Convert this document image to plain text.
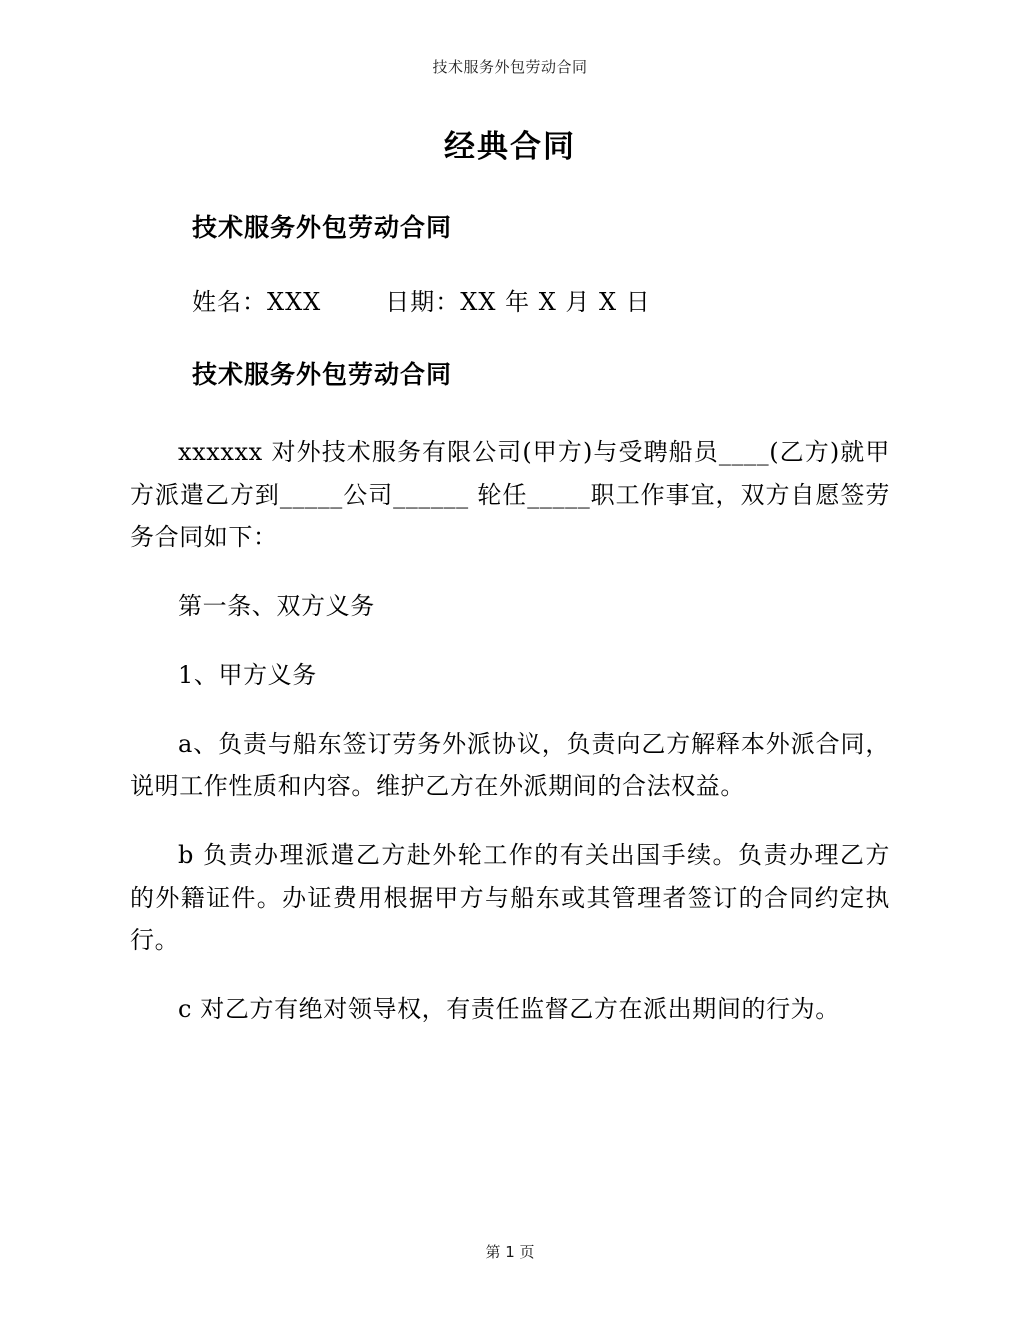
技术服务外包劳动合同
经典合同
技术服务外包劳动合同
姓名：XXX	日期：XX 年 X 月 X 日
技术服务外包劳动合同

xxxxxx 对外技术服务有限公司(甲方)与受聘船员____(乙方)就甲方派遣乙方到_____公司______ 轮任_____职工作事宜，双方自愿签劳务合同如下：

第一条、双方义务

1、甲方义务

a、负责与船东签订劳务外派协议，负责向乙方解释本外派合同，说明工作性质和内容。维护乙方在外派期间的合法权益。

b 负责办理派遣乙方赴外轮工作的有关出国手续。负责办理乙方的外籍证件。办证费用根据甲方与船东或其管理者签订的合同约定执行。

c 对乙方有绝对领导权，有责任监督乙方在派出期间的行为。

第 1 页
